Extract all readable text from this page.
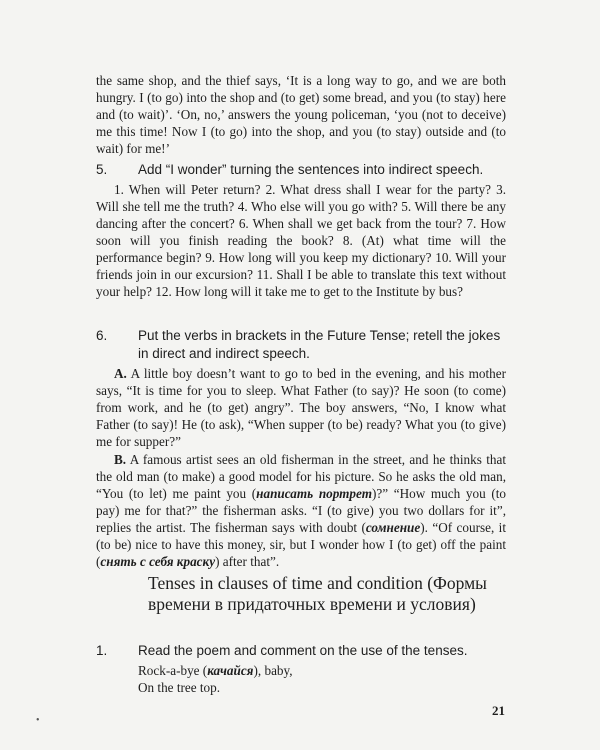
the same shop, and the thief says, ‘It is a long way to go, and we are both hungry. I (to go) into the shop and (to get) some bread, and you (to stay) here and (to wait)’. ‘On, no,’ answers the young policeman, ‘you (not to deceive) me this time! Now I (to go) into the shop, and you (to stay) outside and (to wait) for me!’

5. Add “I wonder” turning the sentences into indirect speech.

1. When will Peter return? 2. What dress shall I wear for the party? 3. Will she tell me the truth? 4. Who else will you go with? 5. Will there be any dancing after the concert? 6. When shall we get back from the tour? 7. How soon will you finish reading the book? 8. (At) what time will the performance begin? 9. How long will you keep my dictionary? 10. Will your friends join in our excursion? 11. Shall I be able to translate this text without your help? 12. How long will it take me to get to the Institute by bus?

6. Put the verbs in brackets in the Future Tense; retell the jokes in direct and indirect speech.

A. A little boy doesn’t want to go to bed in the evening, and his mother says, “It is time for you to sleep. What Father (to say)? He soon (to come) from work, and he (to get) angry”. The boy answers, “No, I know what Father (to say)! He (to ask), “When supper (to be) ready? What you (to give) me for supper?”

B. A famous artist sees an old fisherman in the street, and he thinks that the old man (to make) a good model for his picture. So he asks the old man, “You (to let) me paint you (написать портрет)?” “How much you (to pay) me for that?” the fisherman asks. “I (to give) you two dollars for it”, replies the artist. The fisherman says with doubt (сомнение). “Of course, it (to be) nice to have this money, sir, but I wonder how I (to get) off the paint (снять с себя краску) after that”.

Tenses in clauses of time and condition (Формы времени в придаточных времени и условия)
1. Read the poem and comment on the use of the tenses.

Rock-a-bye (качайся), baby,
On the tree top.
21
•
